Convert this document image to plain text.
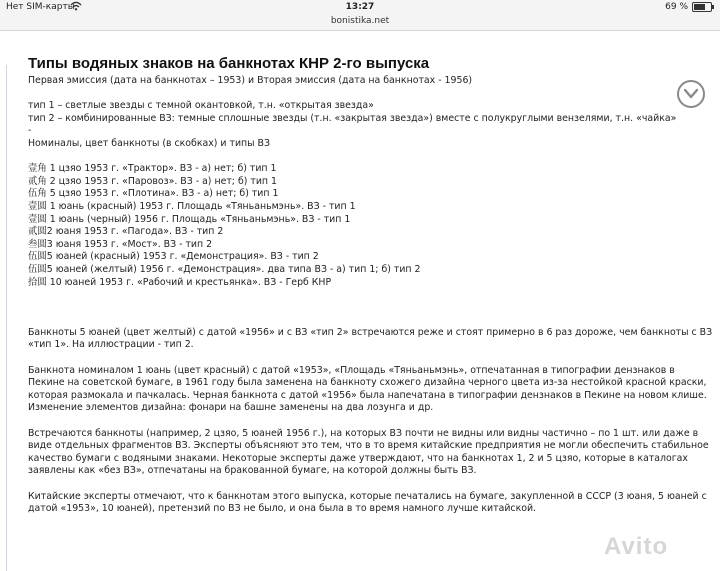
Нет SIM-карты	13:27	69 %
bonistika.net
Типы водяных знаков на банкнотах КНР 2-го выпуска

Первая эмиссия (дата на банкнотах – 1953) и Вторая эмиссия (дата на банкнотах - 1956)

тип 1 – светлые звезды с темной окантовкой, т.н. «открытая звезда»

тип 2 – комбинированные ВЗ: темные сплошные звезды (т.н. «закрытая звезда») вместе с полукруглыми вензелями, т.н. «чайка»

-

Номиналы, цвет банкноты (в скобках) и типы ВЗ

壹角 1 цзяо 1953 г. «Трактор». ВЗ - а) нет; б) тип 1

贰角 2 цзяо 1953 г. «Паровоз». ВЗ - а) нет; б) тип 1

伍角 5 цзяо 1953 г. «Плотина». ВЗ - а) нет; б) тип 1

壹圆 1 юань (красный) 1953 г. Площадь «Тяньаньмэнь». ВЗ - тип 1

壹圆 1 юань (черный) 1956 г. Площадь «Тяньаньмэнь». ВЗ - тип 1

贰圆2 юаня 1953 г. «Пагода». ВЗ - тип 2

叁圆3 юаня 1953 г. «Мост». ВЗ - тип 2

伍圆5 юаней (красный) 1953 г. «Демонстрация». ВЗ - тип 2

伍圆5 юаней (желтый) 1956 г. «Демонстрация». два типа ВЗ - а) тип 1; б) тип 2

拾圆 10 юаней 1953 г. «Рабочий и крестьянка». ВЗ - Герб КНР

Банкноты 5 юаней (цвет желтый) с датой «1956» и с ВЗ «тип 2» встречаются реже и стоят примерно в 6 раз дороже, чем банкноты с ВЗ «тип 1». На иллюстрации - тип 2.

Банкнота номиналом 1 юань (цвет красный) с датой «1953», «Площадь «Тяньаньмэнь», отпечатанная в типографии дензнаков в Пекине на советской бумаге, в 1961 году была заменена на банкноту схожего дизайна черного цвета из-за нестойкой красной краски, которая размокала и пачкалась. Черная банкнота с датой «1956» была напечатана в типографии дензнаков в Пекине на новом клише. Изменение элементов дизайна: фонари на башне заменены на два лозунга и др.

Встречаются банкноты (например, 2 цзяо, 5 юаней 1956 г.), на которых ВЗ почти не видны или видны частично – по 1 шт. или даже в виде отдельных фрагментов ВЗ. Эксперты объясняют это тем, что в то время китайские предприятия не могли обеспечить стабильное качество бумаги с водяными знаками. Некоторые эксперты даже утверждают, что на банкнотах 1, 2 и 5 цзяо, которые в каталогах заявлены как «без ВЗ», отпечатаны на бракованной бумаге, на которой должны быть ВЗ.

Китайские эксперты отмечают, что к банкнотам этого выпуска, которые печатались на бумаге, закупленной в СССР (3 юаня, 5 юаней с датой «1953», 10 юаней), претензий по ВЗ не было, и она была в то время намного лучше китайской.

Avito
